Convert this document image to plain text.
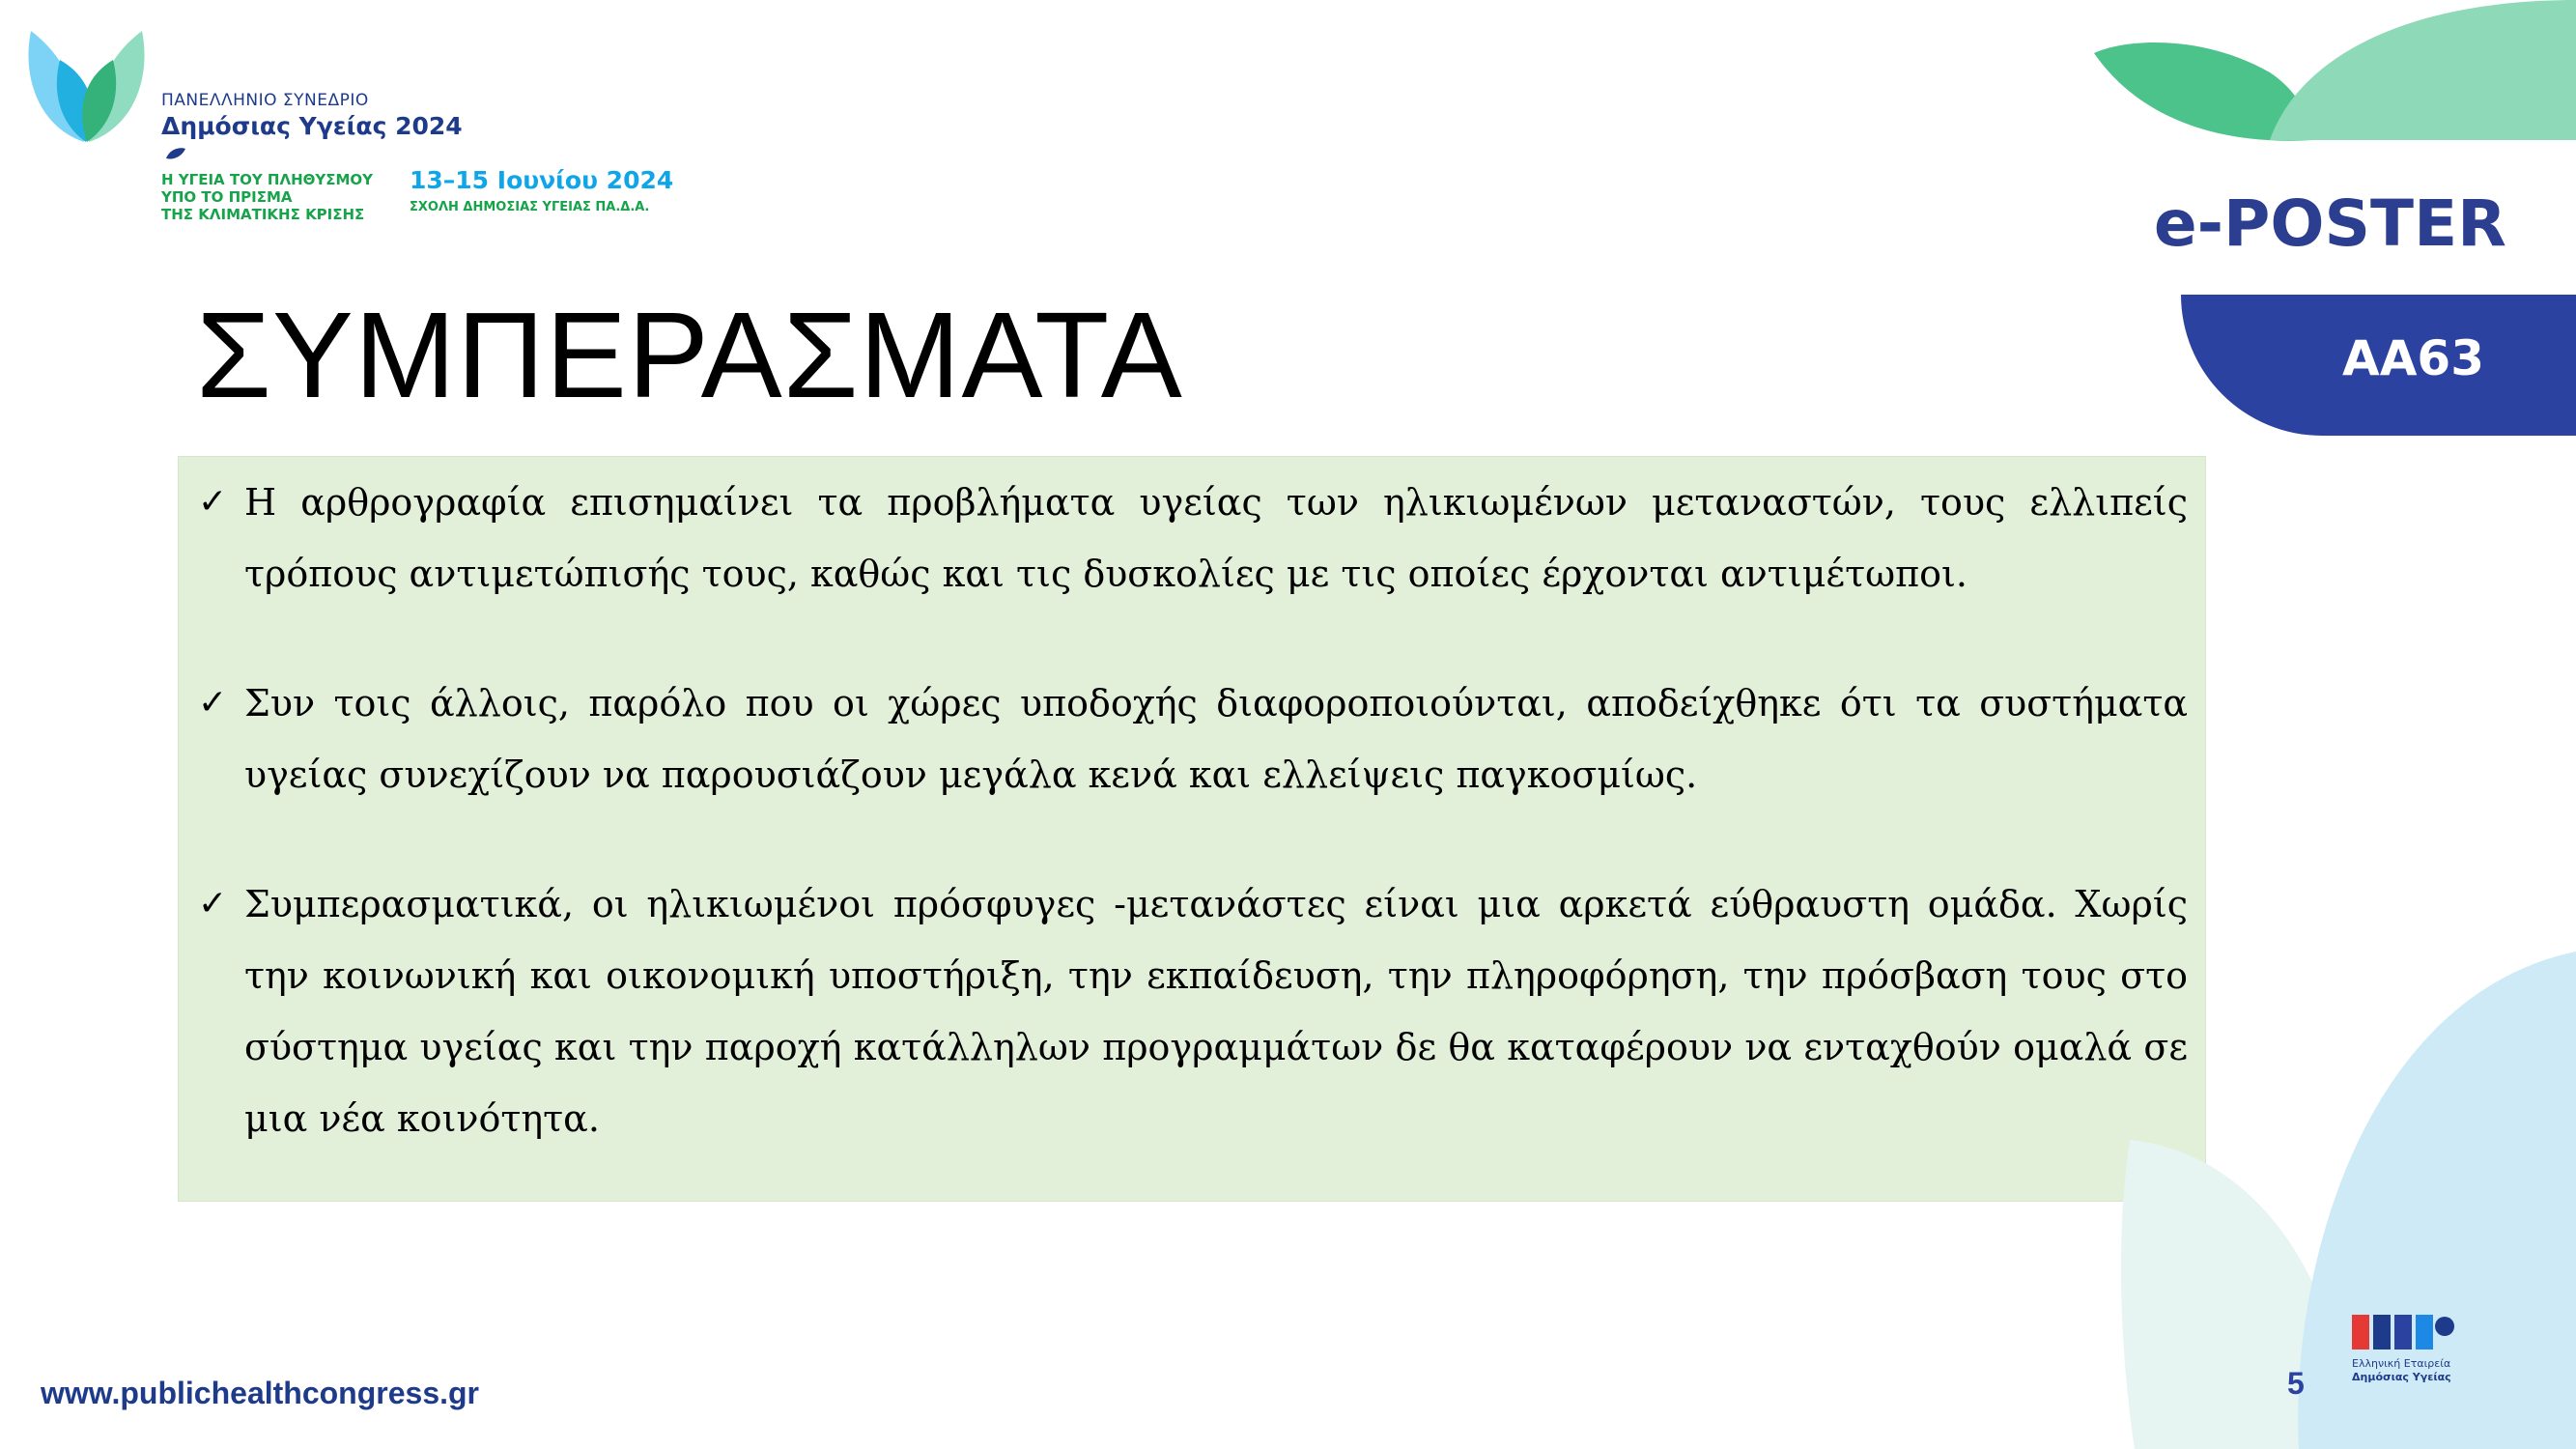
ΠΑΝΕΛΛΗΝΙΟ ΣΥΝΕΔΡΙΟ
Δημόσιας Υγείας 2024
Η ΥΓΕΙΑ ΤΟΥ ΠΛΗΘΥΣΜΟΥ
ΥΠΟ ΤΟ ΠΡΙΣΜΑ
ΤΗΣ ΚΛΙΜΑΤΙΚΗΣ ΚΡΙΣΗΣ
13–15 Ιουνίου 2024
ΣΧΟΛΗ ΔΗΜΟΣΙΑΣ ΥΓΕΙΑΣ ΠΑ.Δ.Α.	e-POSTER
AA63
ΣΥΜΠΕΡΑΣΜΑΤΑ
✓ Η αρθρογραφία επισημαίνει τα προβλήματα υγείας των ηλικιωμένων μεταναστών, τους ελλιπείς τρόπους αντιμετώπισής τους, καθώς και τις δυσκολίες με τις οποίες έρχονται αντιμέτωποι.
✓ Συν τοις άλλοις, παρόλο που οι χώρες υποδοχής διαφοροποιούνται, αποδείχθηκε ότι τα συστήματα υγείας συνεχίζουν να παρουσιάζουν μεγάλα κενά και ελλείψεις παγκοσμίως.
✓ Συμπερασματικά, οι ηλικιωμένοι πρόσφυγες -μετανάστες είναι μια αρκετά εύθραυστη ομάδα. Χωρίς την κοινωνική και οικονομική υποστήριξη, την εκπαίδευση, την πληροφόρηση, την πρόσβαση τους στο σύστημα υγείας και την παροχή κατάλληλων προγραμμάτων δε θα καταφέρουν να ενταχθούν ομαλά σε μια νέα κοινότητα.
www.publichealthcongress.gr	5
Ελληνική Εταιρεία
Δημόσιας Υγείας
